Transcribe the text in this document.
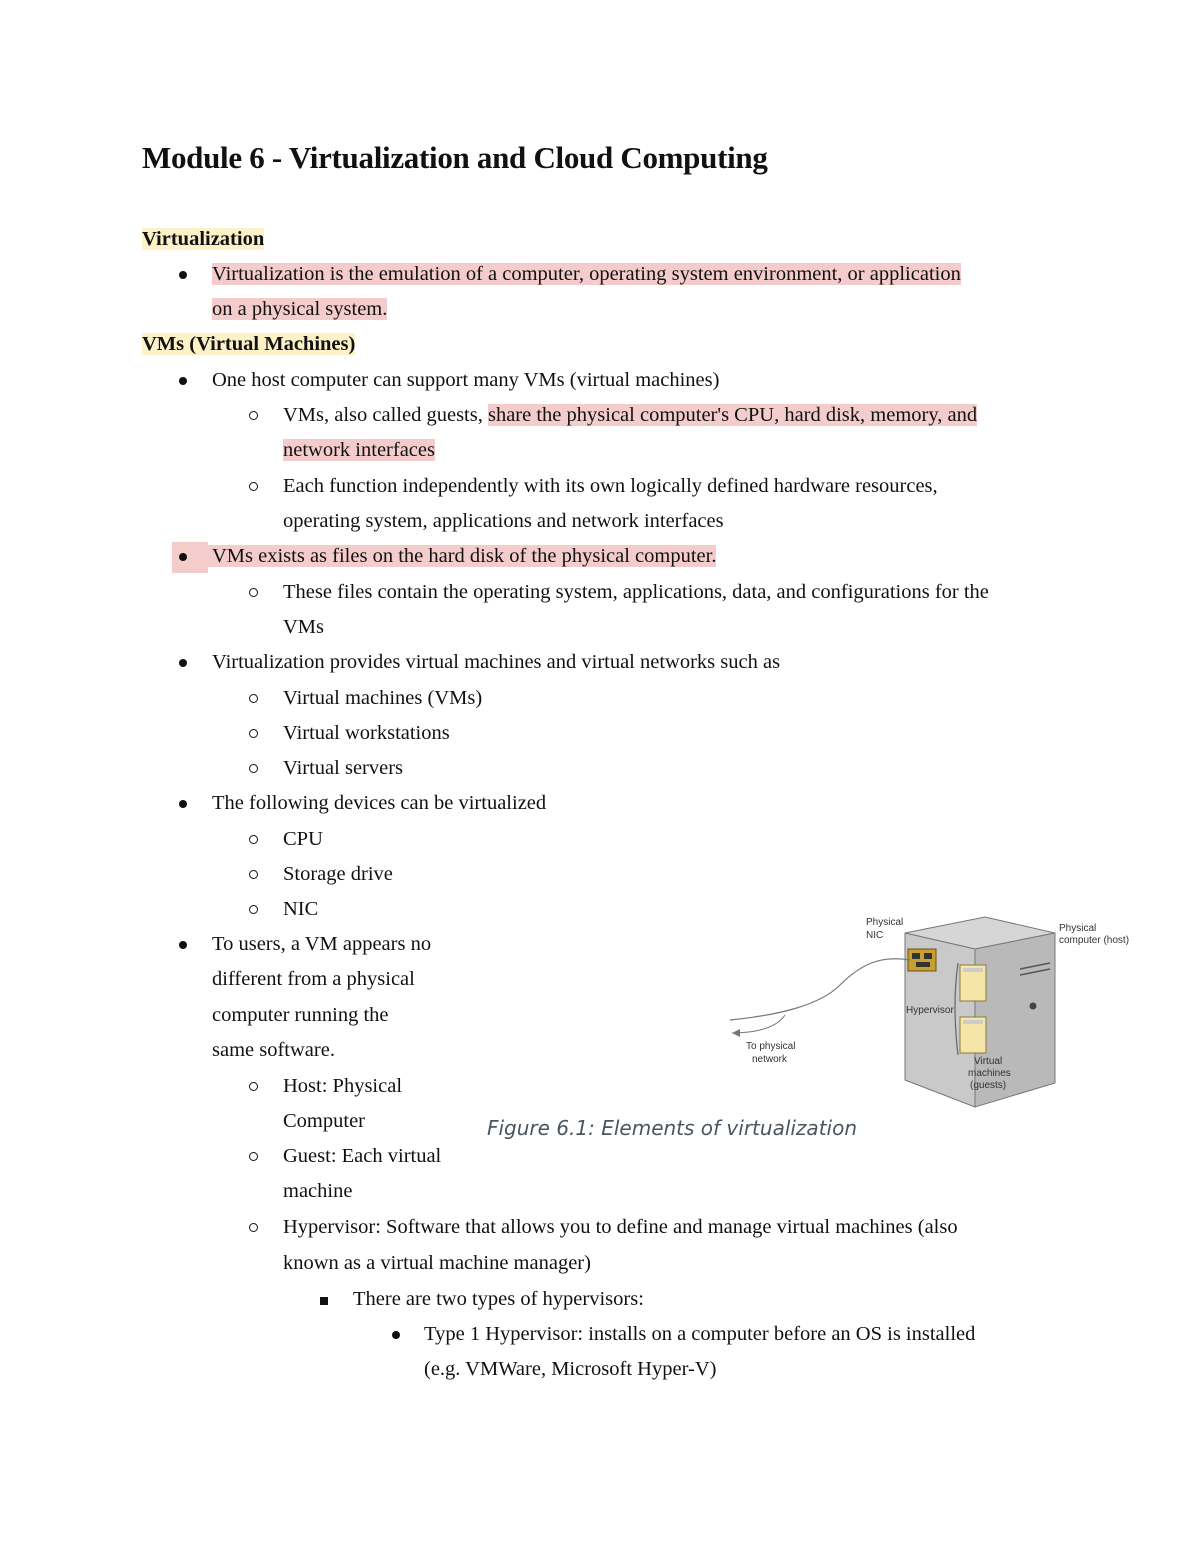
Module 6 - Virtualization and Cloud Computing
Virtualization
Virtualization is the emulation of a computer, operating system environment, or application
on a physical system.
VMs (Virtual Machines)
One host computer can support many VMs (virtual machines)
VMs, also called guests, share the physical computer's CPU, hard disk, memory, and
network interfaces
Each function independently with its own logically defined hardware resources,
operating system, applications and network interfaces
VMs exists as files on the hard disk of the physical computer.
These files contain the operating system, applications, data, and configurations for the
VMs
Virtualization provides virtual machines and virtual networks such as
Virtual machines (VMs)
Virtual workstations
Virtual servers
The following devices can be virtualized
CPU
Storage drive
NIC
To users, a VM appears no
different from a physical
computer running the
same software.
Host: Physical
Computer
Guest: Each virtual
machine
Hypervisor: Software that allows you to define and manage virtual machines (also
known as a virtual machine manager)
There are two types of hypervisors:
Type 1 Hypervisor: installs on a computer before an OS is installed
(e.g. VMWare, Microsoft Hyper-V)
Physical
NIC
Physical
computer (host)
Hypervisor
To physical
network	Virtual
machines
(guests)
Figure 6.1: Elements of virtualization
